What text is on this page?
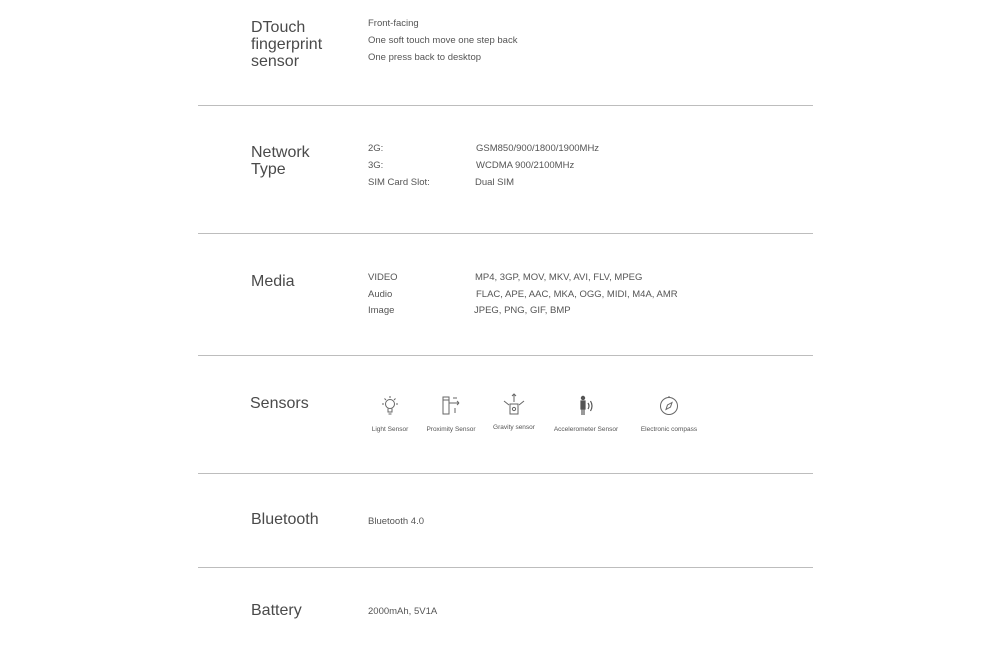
DTouch
fingerprint
sensor
Front-facing
One soft touch move one step back
One press back to desktop
Network
Type
2G:	GSM850/900/1800/1900MHz
3G:	WCDMA 900/2100MHz
SIM Card Slot:	Dual SIM
Media	VIDEO	MP4, 3GP, MOV, MKV, AVI, FLV, MPEG
Audio	FLAC, APE, AAC, MKA, OGG, MIDI, M4A, AMR
Image	JPEG, PNG, GIF, BMP
Sensors
Light Sensor	Proximity Sensor	Gravity sensor	Accelerometer Sensor	Electronic compass
Bluetooth	Bluetooth 4.0
Battery	2000mAh, 5V1A
